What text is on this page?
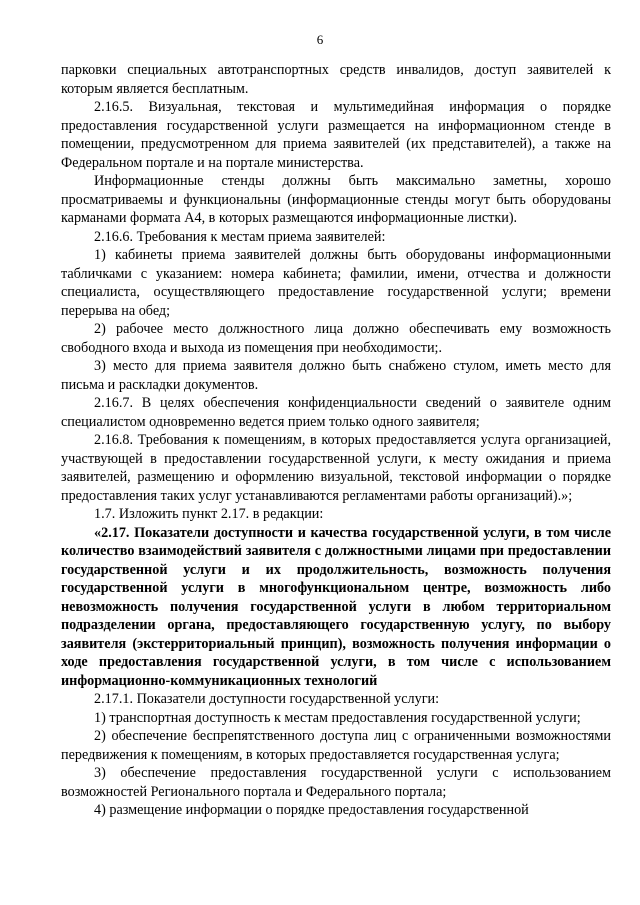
6

парковки специальных автотранспортных средств инвалидов, доступ заявителей к которым является бесплатным.

2.16.5. Визуальная, текстовая и мультимедийная информация о порядке предоставления государственной услуги размещается на информационном стенде в помещении, предусмотренном для приема заявителей (их представителей), а также на Федеральном портале и на портале министерства.

Информационные стенды должны быть максимально заметны, хорошо просматриваемы и функциональны (информационные стенды могут быть оборудованы карманами формата А4, в которых размещаются информационные листки).

2.16.6. Требования к местам приема заявителей:

1) кабинеты приема заявителей должны быть оборудованы информационными табличками с указанием: номера кабинета; фамилии, имени, отчества и должности специалиста, осуществляющего предоставление государственной услуги; времени перерыва на обед;

2) рабочее место должностного лица должно обеспечивать ему возможность свободного входа и выхода из помещения при необходимости;.

3) место для приема заявителя должно быть снабжено стулом, иметь место для письма и раскладки документов.

2.16.7. В целях обеспечения конфиденциальности сведений о заявителе одним специалистом одновременно ведется прием только одного заявителя;

2.16.8. Требования к помещениям, в которых предоставляется услуга организацией, участвующей в предоставлении государственной услуги, к месту ожидания и приема заявителей, размещению и оформлению визуальной, текстовой информации о порядке предоставления таких услуг устанавливаются регламентами работы организаций).»;

1.7. Изложить пункт 2.17. в редакции:

«2.17. Показатели доступности и качества государственной услуги, в том числе количество взаимодействий заявителя с должностными лицами при предоставлении государственной услуги и их продолжительность, возможность получения государственной услуги в многофункциональном центре, возможность либо невозможность получения государственной услуги в любом территориальном подразделении органа, предоставляющего государственную услугу, по выбору заявителя (экстерриториальный принцип), возможность получения информации о ходе предоставления государственной услуги, в том числе с использованием информационно-коммуникационных технологий

2.17.1. Показатели доступности государственной услуги:

1) транспортная доступность к местам предоставления государственной услуги;

2) обеспечение беспрепятственного доступа лиц с ограниченными возможностями передвижения к помещениям, в которых предоставляется государственная услуга;

3) обеспечение предоставления государственной услуги с использованием возможностей Регионального портала и Федерального портала;

4) размещение информации о порядке предоставления государственной
